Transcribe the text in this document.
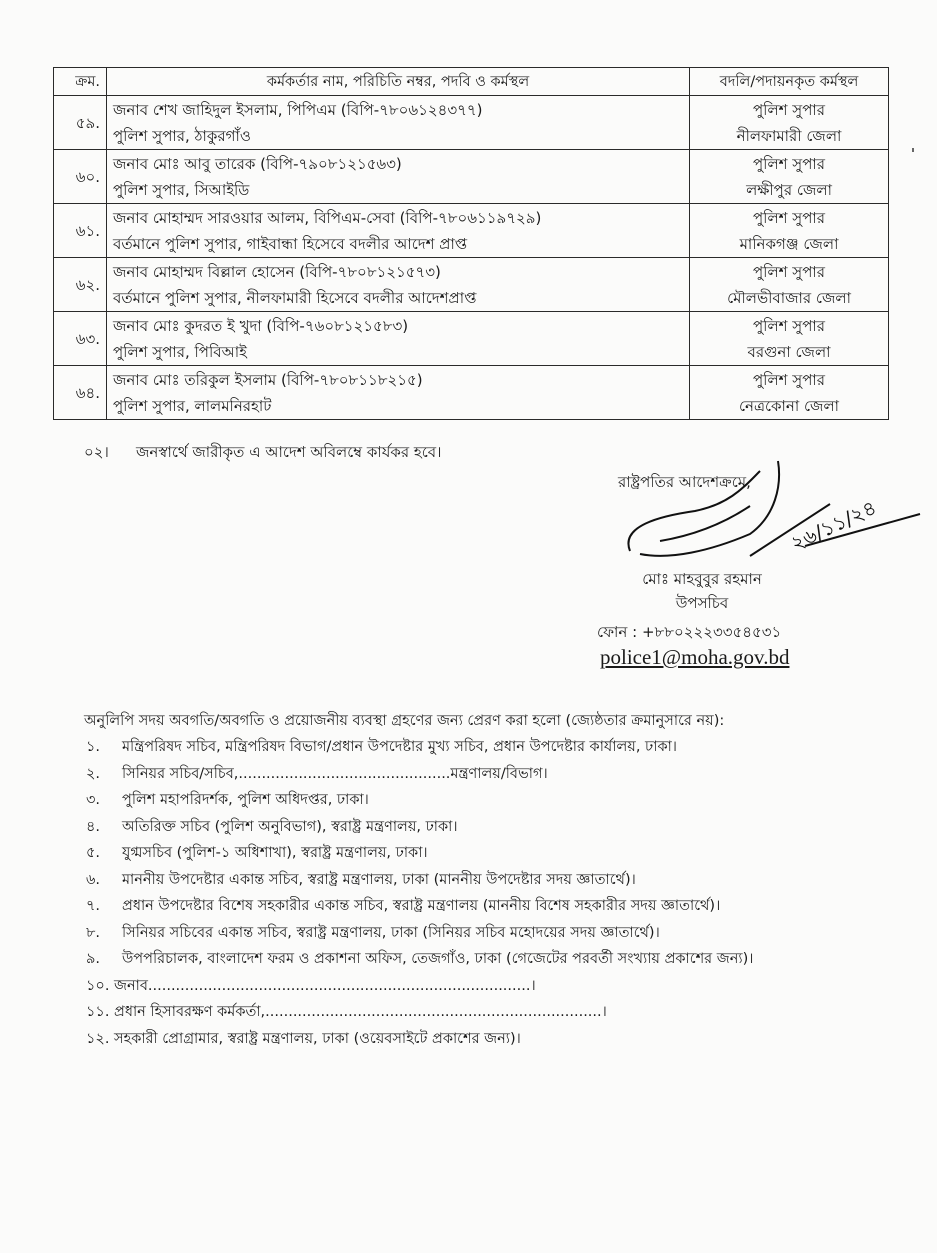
ক্রম.	কর্মকর্তার নাম, পরিচিতি নম্বর, পদবি ও কর্মস্থল	বদলি/পদায়নকৃত কর্মস্থল
৫৯.	জনাব শেখ জাহিদুল ইসলাম, পিপিএম (বিপি-৭৮০৬১২৪৩৭৭)
পুলিশ সুপার, ঠাকুরগাঁও	পুলিশ সুপার
নীলফামারী জেলা

৬০.	জনাব মোঃ আবু তারেক (বিপি-৭৯০৮১২১৫৬৩)
পুলিশ সুপার, সিআইডি	পুলিশ সুপার
লক্ষীপুর জেলা

৬১.	জনাব মোহাম্মদ সারওয়ার আলম, বিপিএম-সেবা (বিপি-৭৮০৬১১৯৭২৯)
বর্তমানে পুলিশ সুপার, গাইবান্ধা হিসেবে বদলীর আদেশ প্রাপ্ত	পুলিশ সুপার
মানিকগঞ্জ জেলা

৬২.	জনাব মোহাম্মদ বিল্লাল হোসেন (বিপি-৭৮০৮১২১৫৭৩)
বর্তমানে পুলিশ সুপার, নীলফামারী হিসেবে বদলীর আদেশপ্রাপ্ত	পুলিশ সুপার
মৌলভীবাজার জেলা

৬৩.	জনাব মোঃ কুদরত ই খুদা (বিপি-৭৬০৮১২১৫৮৩)
পুলিশ সুপার, পিবিআই	পুলিশ সুপার
বরগুনা জেলা

৬৪.	জনাব মোঃ তরিকুল ইসলাম (বিপি-৭৮০৮১১৮২১৫)
পুলিশ সুপার, লালমনিরহাট	পুলিশ সুপার
নেত্রকোনা জেলা
০২। জনস্বার্থে জারীকৃত এ আদেশ অবিলম্বে কার্যকর হবে।
রাষ্ট্রপতির আদেশক্রমে,
২৬/১১/২৪
মোঃ মাহবুবুর রহমান
উপসচিব
ফোন : +৮৮০২২২৩৩৫৪৫৩১
police1@moha.gov.bd
অনুলিপি সদয় অবগতি/অবগতি ও প্রয়োজনীয় ব্যবস্থা গ্রহণের জন্য প্রেরণ করা হলো (জ্যেষ্ঠতার ক্রমানুসারে নয়):
১. মন্ত্রিপরিষদ সচিব, মন্ত্রিপরিষদ বিভাগ/প্রধান উপদেষ্টার মুখ্য সচিব, প্রধান উপদেষ্টার কার্যালয়, ঢাকা।
২. সিনিয়র সচিব/সচিব,..............................................মন্ত্রণালয়/বিভাগ।
৩. পুলিশ মহাপরিদর্শক, পুলিশ অধিদপ্তর, ঢাকা।
৪. অতিরিক্ত সচিব (পুলিশ অনুবিভাগ), স্বরাষ্ট্র মন্ত্রণালয়, ঢাকা।
৫. যুগ্মসচিব (পুলিশ-১ অধিশাখা), স্বরাষ্ট্র মন্ত্রণালয়, ঢাকা।
৬. মাননীয় উপদেষ্টার একান্ত সচিব, স্বরাষ্ট্র মন্ত্রণালয়, ঢাকা (মাননীয় উপদেষ্টার সদয় জ্ঞাতার্থে)।
৭. প্রধান উপদেষ্টার বিশেষ সহকারীর একান্ত সচিব, স্বরাষ্ট্র মন্ত্রণালয় (মাননীয় বিশেষ সহকারীর সদয় জ্ঞাতার্থে)।
৮. সিনিয়র সচিবের একান্ত সচিব, স্বরাষ্ট্র মন্ত্রণালয়, ঢাকা (সিনিয়র সচিব মহোদয়ের সদয় জ্ঞাতার্থে)।
৯. উপপরিচালক, বাংলাদেশ ফরম ও প্রকাশনা অফিস, তেজগাঁও, ঢাকা (গেজেটের পরবর্তী সংখ্যায় প্রকাশের জন্য)।
১০. জনাব...................................................................................।
১১. প্রধান হিসাবরক্ষণ কর্মকর্তা,.........................................................................।
১২. সহকারী প্রোগ্রামার, স্বরাষ্ট্র মন্ত্রণালয়, ঢাকা (ওয়েবসাইটে প্রকাশের জন্য)।
